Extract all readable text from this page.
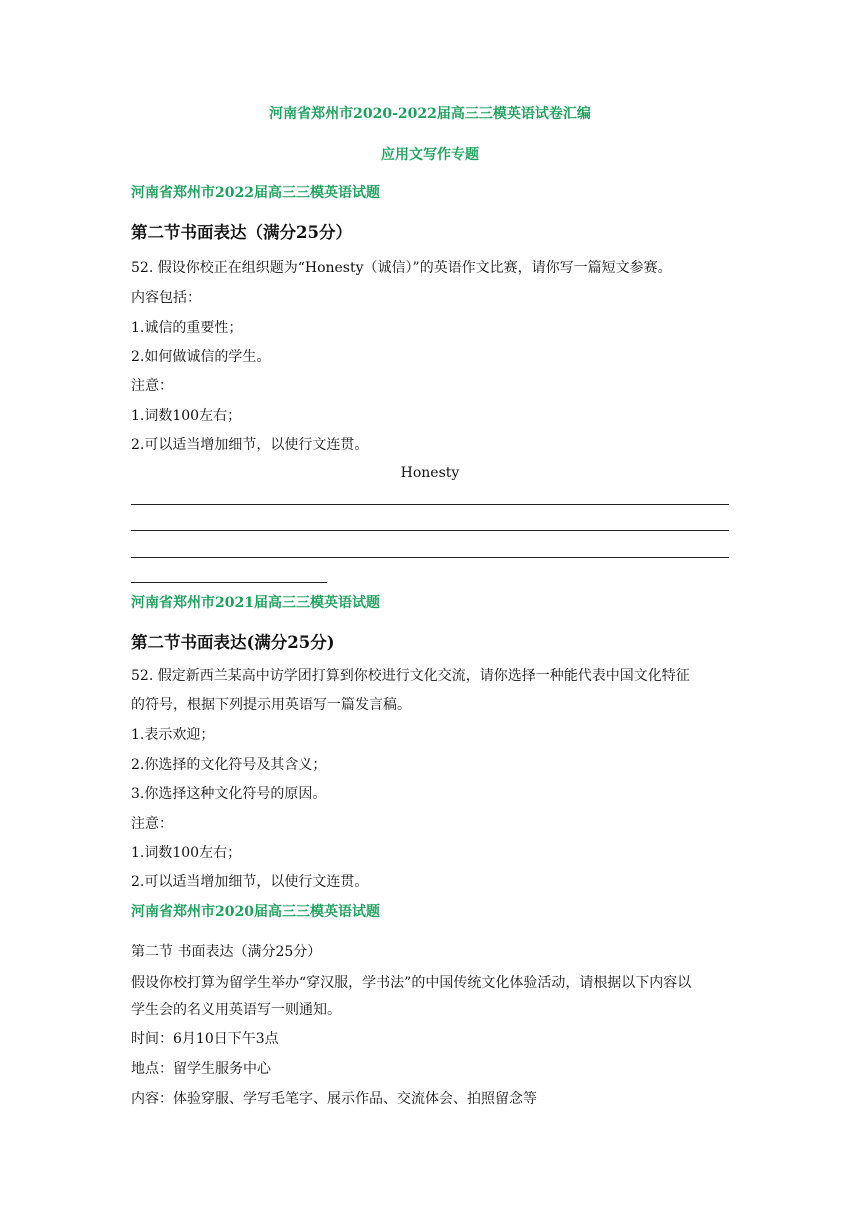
河南省郑州市2020-2022届高三三模英语试卷汇编
应用文写作专题
河南省郑州市2022届高三三模英语试题
第二节书面表达（满分25分）
52. 假设你校正在组织题为“Honesty（诚信）”的英语作文比赛，请你写一篇短文参赛。
内容包括：
1.诚信的重要性；
2.如何做诚信的学生。
注意：
1.词数100左右；
2.可以适当增加细节，以使行文连贯。
Honesty
河南省郑州市2021届高三三模英语试题
第二节书面表达(满分25分)
52. 假定新西兰某高中访学团打算到你校进行文化交流，请你选择一种能代表中国文化特征
的符号，根据下列提示用英语写一篇发言稿。
1.表示欢迎；
2.你选择的文化符号及其含义；
3.你选择这种文化符号的原因。
注意：
1.词数100左右；
2.可以适当增加细节，以使行文连贯。
河南省郑州市2020届高三三模英语试题
第二节 书面表达（满分25分）
假设你校打算为留学生举办“穿汉服，学书法”的中国传统文化体验活动，请根据以下内容以
学生会的名义用英语写一则通知。
时间：6月10日下午3点
地点：留学生服务中心
内容：体验穿服、学写毛笔字、展示作品、交流体会、拍照留念等
